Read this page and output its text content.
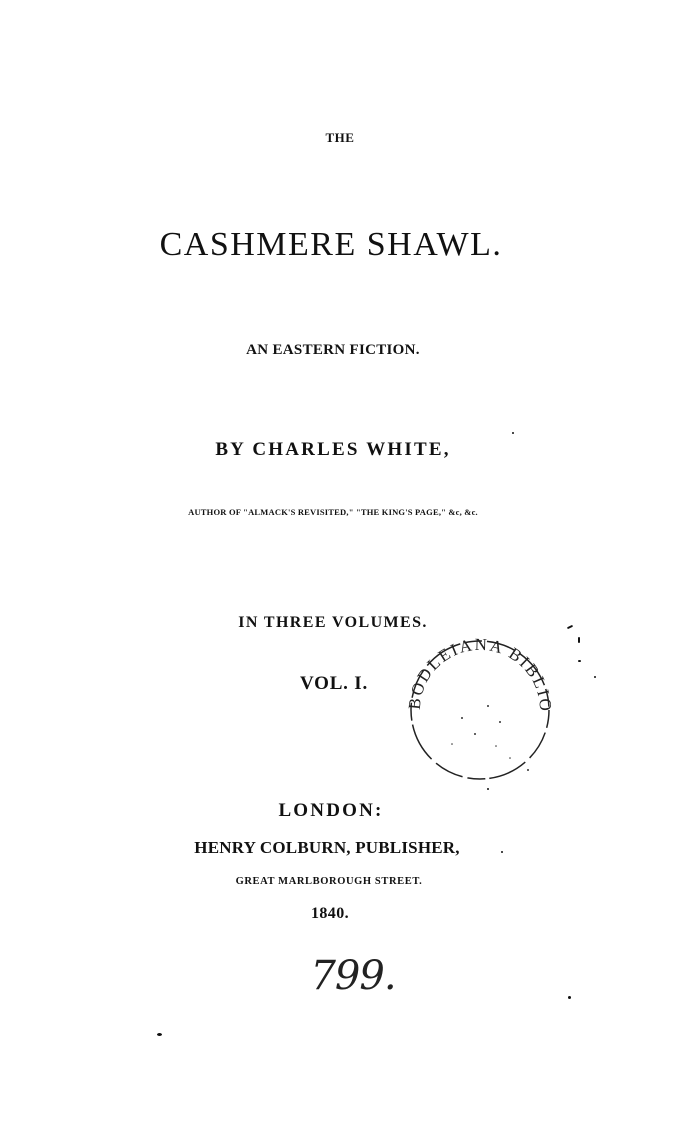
THE
CASHMERE SHAWL.
AN EASTERN FICTION.
BY CHARLES WHITE,
AUTHOR OF "ALMACK'S REVISITED," "THE KING'S PAGE," &c, &c.
IN THREE VOLUMES.
VOL. I.
BODLEIANA BIBLIO
LONDON:
HENRY COLBURN, PUBLISHER,
GREAT MARLBOROUGH STREET.
1840.
799.
